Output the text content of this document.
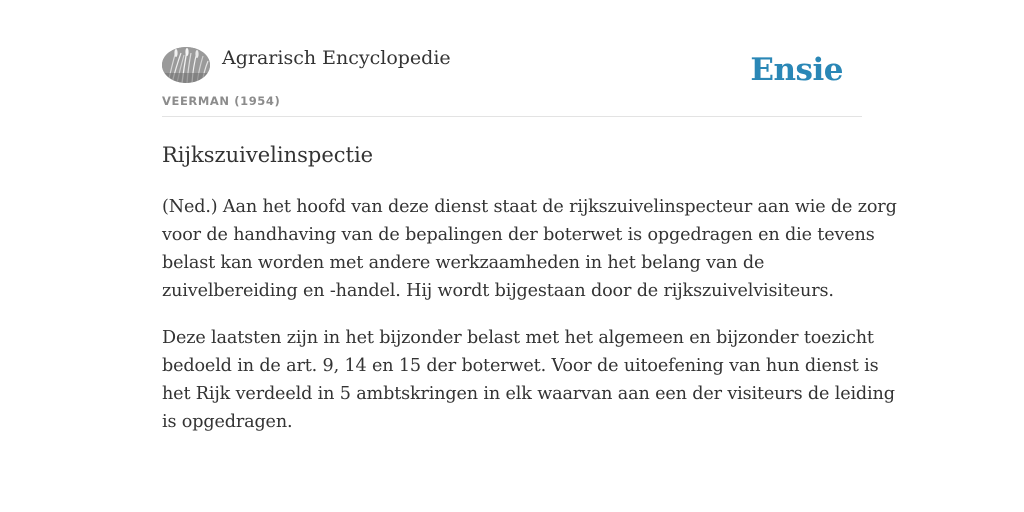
Agrarisch Encyclopedie
VEERMAN (1954)
Ensie
Rijkszuivelinspectie

(Ned.) Aan het hoofd van deze dienst staat de rijkszuivelinspecteur aan wie de zorg
voor de handhaving van de bepalingen der boterwet is opgedragen en die tevens
belast kan worden met andere werkzaamheden in het belang van de
zuivelbereiding en -handel. Hij wordt bijgestaan door de rijkszuivelvisiteurs.

Deze laatsten zijn in het bijzonder belast met het algemeen en bijzonder toezicht
bedoeld in de art. 9, 14 en 15 der boterwet. Voor de uitoefening van hun dienst is
het Rijk verdeeld in 5 ambtskringen in elk waarvan aan een der visiteurs de leiding
is opgedragen.
